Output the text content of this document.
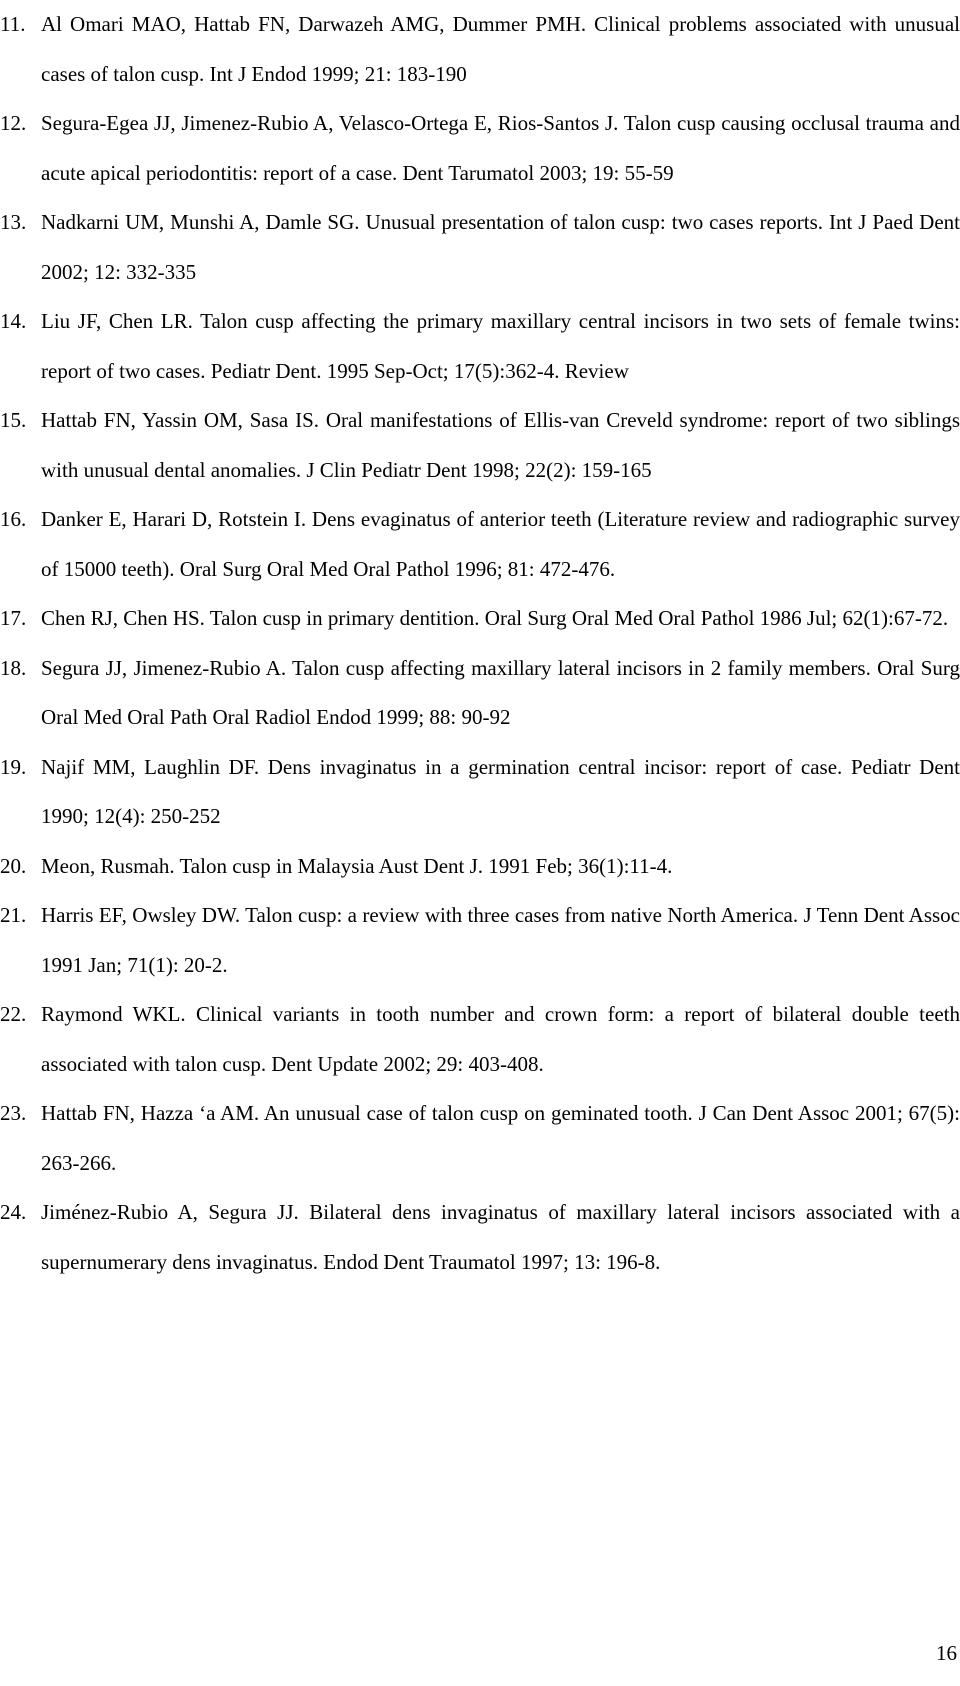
11. Al Omari MAO, Hattab FN, Darwazeh AMG, Dummer PMH. Clinical problems associated with unusual cases of talon cusp. Int J Endod 1999; 21: 183-190
12. Segura-Egea JJ, Jimenez-Rubio A, Velasco-Ortega E, Rios-Santos J. Talon cusp causing occlusal trauma and acute apical periodontitis: report of a case. Dent Tarumatol 2003; 19: 55-59
13. Nadkarni UM, Munshi A, Damle SG. Unusual presentation of talon cusp: two cases reports. Int J Paed Dent 2002; 12: 332-335
14. Liu JF, Chen LR. Talon cusp affecting the primary maxillary central incisors in two sets of female twins: report of two cases. Pediatr Dent. 1995 Sep-Oct; 17(5):362-4. Review
15. Hattab FN, Yassin OM, Sasa IS. Oral manifestations of Ellis-van Creveld syndrome: report of two siblings with unusual dental anomalies. J Clin Pediatr Dent 1998; 22(2): 159-165
16. Danker E, Harari D, Rotstein I. Dens evaginatus of anterior teeth (Literature review and radiographic survey of 15000 teeth). Oral Surg Oral Med Oral Pathol 1996; 81: 472-476.
17. Chen RJ, Chen HS. Talon cusp in primary dentition. Oral Surg Oral Med Oral Pathol 1986 Jul; 62(1):67-72.
18. Segura JJ, Jimenez-Rubio A. Talon cusp affecting maxillary lateral incisors in 2 family members. Oral Surg Oral Med Oral Path Oral Radiol Endod 1999; 88: 90-92
19. Najif MM, Laughlin DF. Dens invaginatus in a germination central incisor: report of case. Pediatr Dent 1990; 12(4): 250-252
20. Meon, Rusmah. Talon cusp in Malaysia Aust Dent J. 1991 Feb; 36(1):11-4.
21. Harris EF, Owsley DW. Talon cusp: a review with three cases from native North America. J Tenn Dent Assoc 1991 Jan; 71(1): 20-2.
22. Raymond WKL. Clinical variants in tooth number and crown form: a report of bilateral double teeth associated with talon cusp. Dent Update 2002; 29: 403-408.
23. Hattab FN, Hazza ‘a AM. An unusual case of talon cusp on geminated tooth. J Can Dent Assoc 2001; 67(5): 263-266.
24. Jiménez-Rubio A, Segura JJ. Bilateral dens invaginatus of maxillary lateral incisors associated with a supernumerary dens invaginatus. Endod Dent Traumatol 1997; 13: 196-8.
16
